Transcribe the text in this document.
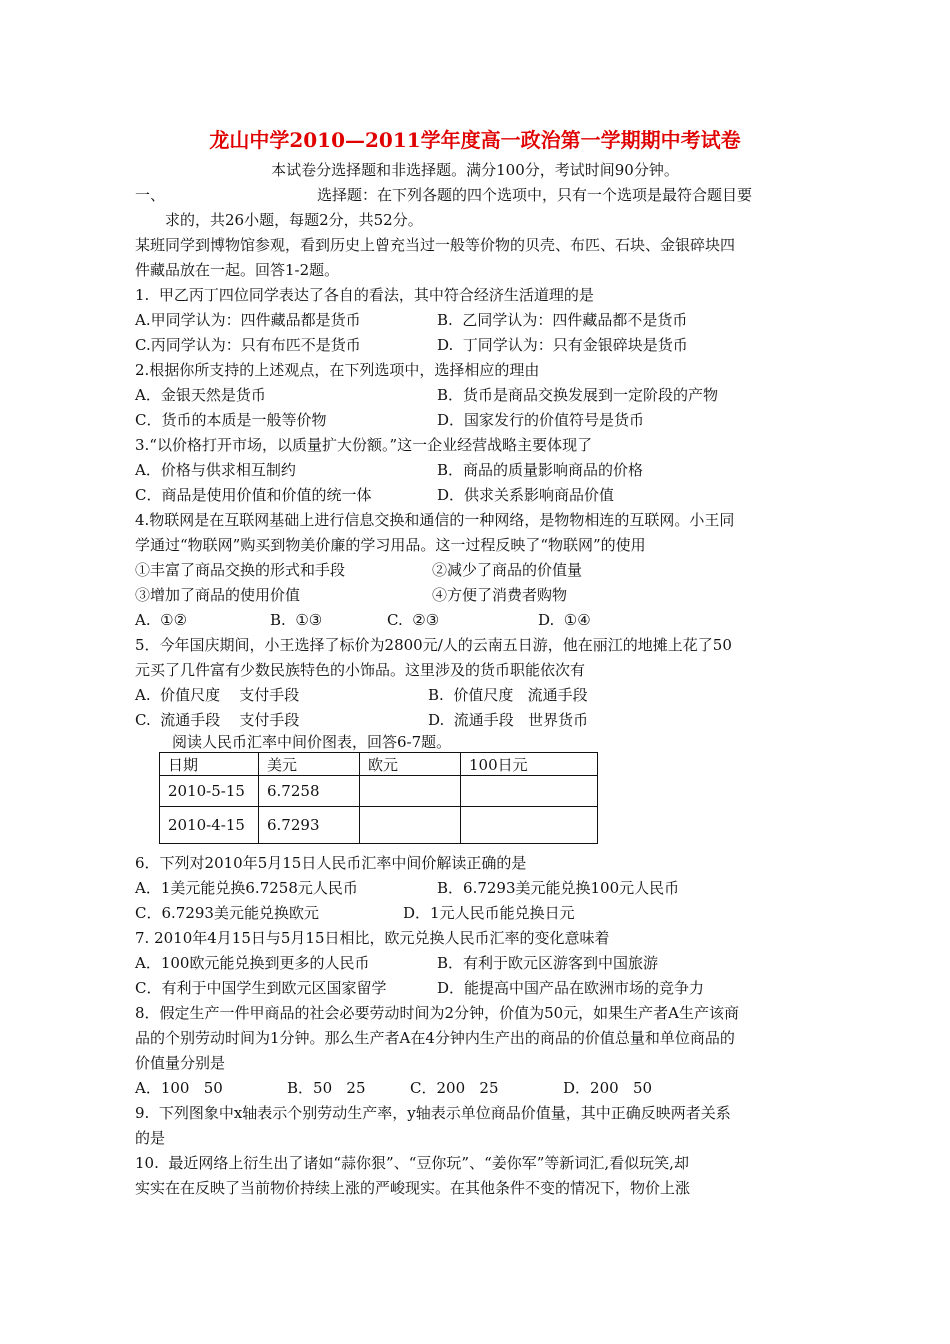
龙山中学2010—2011学年度高一政治第一学期期中考试卷
本试卷分选择题和非选择题。满分100分，考试时间90分钟。
一、	选择题：在下列各题的四个选项中，只有一个选项是最符合题目要
求的，共26小题，每题2分，共52分。
某班同学到博物馆参观，看到历史上曾充当过一般等价物的贝壳、布匹、石块、金银碎块四
件藏品放在一起。回答1-2题。
1.  甲乙丙丁四位同学表达了各自的看法，其中符合经济生活道理的是
A.甲同学认为：四件藏品都是货币	B.  乙同学认为：四件藏品都不是货币
C.丙同学认为：只有布匹不是货币	D.  丁同学认为：只有金银碎块是货币
2.根据你所支持的上述观点，在下列选项中，选择相应的理由
A．金银天然是货币	B．货币是商品交换发展到一定阶段的产物
C．货币的本质是一般等价物	D．国家发行的价值符号是货币
3.“以价格打开市场，以质量扩大份额。”这一企业经营战略主要体现了
A．价格与供求相互制约	B．商品的质量影响商品的价格
C．商品是使用价值和价值的统一体	D．供求关系影响商品价值
4.物联网是在互联网基础上进行信息交换和通信的一种网络，是物物相连的互联网。小王同
学通过“物联网”购买到物美价廉的学习用品。这一过程反映了“物联网”的使用
①丰富了商品交换的形式和手段	②减少了商品的价值量
③增加了商品的使用价值	④方便了消费者购物
A.  ①②	B.  ①③	C.  ②③	D.  ①④
5．今年国庆期间，小王选择了标价为2800元/人的云南五日游，他在丽江的地摊上花了50
元买了几件富有少数民族特色的小饰品。这里涉及的货币职能依次有
A.  价值尺度    支付手段	B.  价值尺度   流通手段
C.  流通手段    支付手段	D.  流通手段   世界货币
阅读人民币汇率中间价图表，回答6-7题。
日期	美元	欧元	100日元
2010-5-15	6.7258		
2010-4-15	6.7293		
6．下列对2010年5月15日人民币汇率中间价解读正确的是
A．1美元能兑换6.7258元人民币	B．6.7293美元能兑换100元人民币
C．6.7293美元能兑换欧元	D．1元人民币能兑换日元
7. 2010年4月15日与5月15日相比，欧元兑换人民币汇率的变化意味着
A．100欧元能兑换到更多的人民币	B．有利于欧元区游客到中国旅游
C．有利于中国学生到欧元区国家留学	D．能提高中国产品在欧洲市场的竞争力
8．假定生产一件甲商品的社会必要劳动时间为2分钟，价值为50元，如果生产者A生产该商
品的个别劳动时间为1分钟。那么生产者A在4分钟内生产出的商品的价值总量和单位商品的
价值量分别是
A．100   50	B．50   25	C．200   25	D．200   50
9.  下列图象中x轴表示个别劳动生产率，y轴表示单位商品价值量，其中正确反映两者关系
的是
10.  最近网络上衍生出了诸如“蒜你狠”、“豆你玩”、“姜你军”等新词汇,看似玩笑,却
实实在在反映了当前物价持续上涨的严峻现实。在其他条件不变的情况下，物价上涨
